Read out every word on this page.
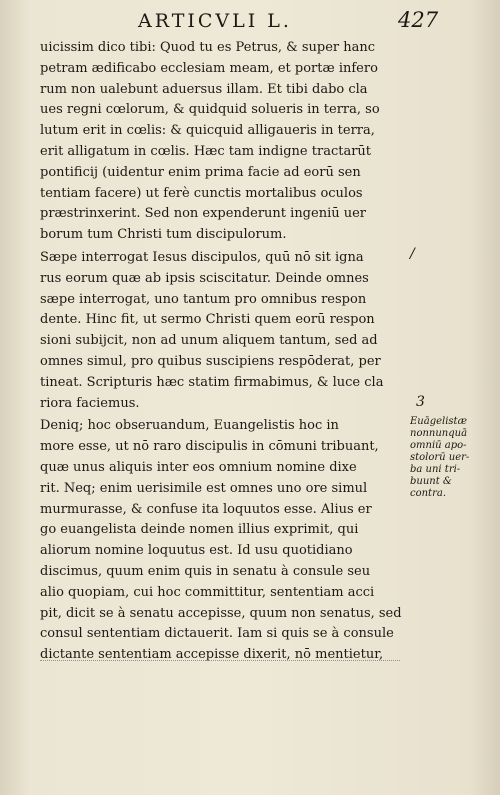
ARTICVLI L.	427
uicissim dico tibi: Quod tu es Petrus, & super hanc
petram ædificabo ecclesiam meam, et portæ infero
rum non ualebunt aduersus illam. Et tibi dabo cla
ues regni cœlorum, & quidquid solueris in terra, so
lutum erit in cœlis: & quicquid alligaueris in terra,
erit alligatum in cœlis. Hæc tam indigne tractarūt
pontificij (uidentur enim prima facie ad eorū sen
tentiam facere) ut ferè cunctis mortalibus oculos
præstrinxerint. Sed non expenderunt ingeniū uer
borum tum Christi tum discipulorum.
Sæpe interrogat Iesus discipulos, quū nō sit igna
rus eorum quæ ab ipsis sciscitatur. Deinde omnes
sæpe interrogat, uno tantum pro omnibus respon
dente. Hinc fit, ut sermo Christi quem eorū respon
sioni subijcit, non ad unum aliquem tantum, sed ad
omnes simul, pro quibus suscipiens respōderat, per
tineat. Scripturis hæc statim firmabimus, & luce cla
riora faciemus.
Deniq; hoc obseruandum, Euangelistis hoc in
more esse, ut nō raro discipulis in cōmuni tribuant,
quæ unus aliquis inter eos omnium nomine dixe
rit. Neq; enim uerisimile est omnes uno ore simul
murmurasse, & confuse ita loquutos esse. Alius er
go euangelista deinde nomen illius exprimit, qui
aliorum nomine loquutus est. Id usu quotidiano
discimus, quum enim quis in senatu à consule seu
alio quopiam, cui hoc committitur, sententiam acci
pit, dicit se à senatu accepisse, quum non senatus, sed
consul sententiam dictauerit. Iam si quis se à consule
dictante sententiam accepisse dixerit, nō mentietur,
/
3
Euāgelistæ
nonnunquā
omniū apo-
stolorū uer-
ba uni tri-
buunt &
contra.
